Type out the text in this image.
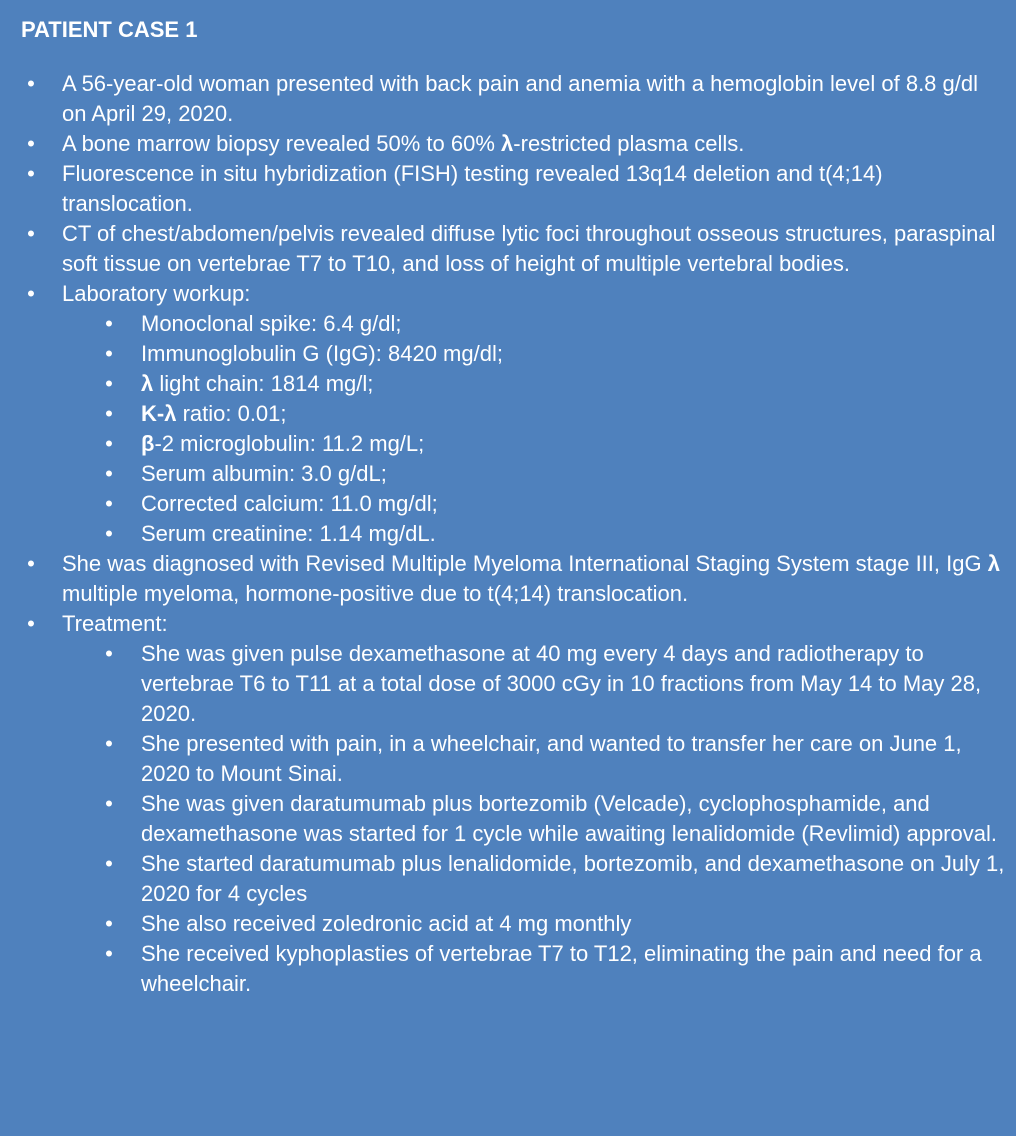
PATIENT CASE 1
• A 56-year-old woman presented with back pain and anemia with a hemoglobin level of 8.8 g/dl on April 29, 2020.
• A bone marrow biopsy revealed 50% to 60% λ-restricted plasma cells.
• Fluorescence in situ hybridization (FISH) testing revealed 13q14 deletion and t(4;14) translocation.
• CT of chest/abdomen/pelvis revealed diffuse lytic foci throughout osseous structures, paraspinal soft tissue on vertebrae T7 to T10, and loss of height of multiple vertebral bodies.
• Laboratory workup:
• Monoclonal spike: 6.4 g/dl;
• Immunoglobulin G (IgG): 8420 mg/dl;
• λ light chain: 1814 mg/l;
• K-λ ratio: 0.01;
• β-2 microglobulin: 11.2 mg/L;
• Serum albumin: 3.0 g/dL;
• Corrected calcium: 11.0 mg/dl;
• Serum creatinine: 1.14 mg/dL.
• She was diagnosed with Revised Multiple Myeloma International Staging System stage III, IgG λ multiple myeloma, hormone-positive due to t(4;14) translocation.
• Treatment:
• She was given pulse dexamethasone at 40 mg every 4 days and radiotherapy to vertebrae T6 to T11 at a total dose of 3000 cGy in 10 fractions from May 14 to May 28, 2020.
• She presented with pain, in a wheelchair, and wanted to transfer her care on June 1, 2020 to Mount Sinai.
• She was given daratumumab plus bortezomib (Velcade), cyclophosphamide, and dexamethasone was started for 1 cycle while awaiting lenalidomide (Revlimid) approval.
• She started daratumumab plus lenalidomide, bortezomib, and dexamethasone on July 1, 2020 for 4 cycles
• She also received zoledronic acid at 4 mg monthly
• She received kyphoplasties of vertebrae T7 to T12, eliminating the pain and need for a wheelchair.
